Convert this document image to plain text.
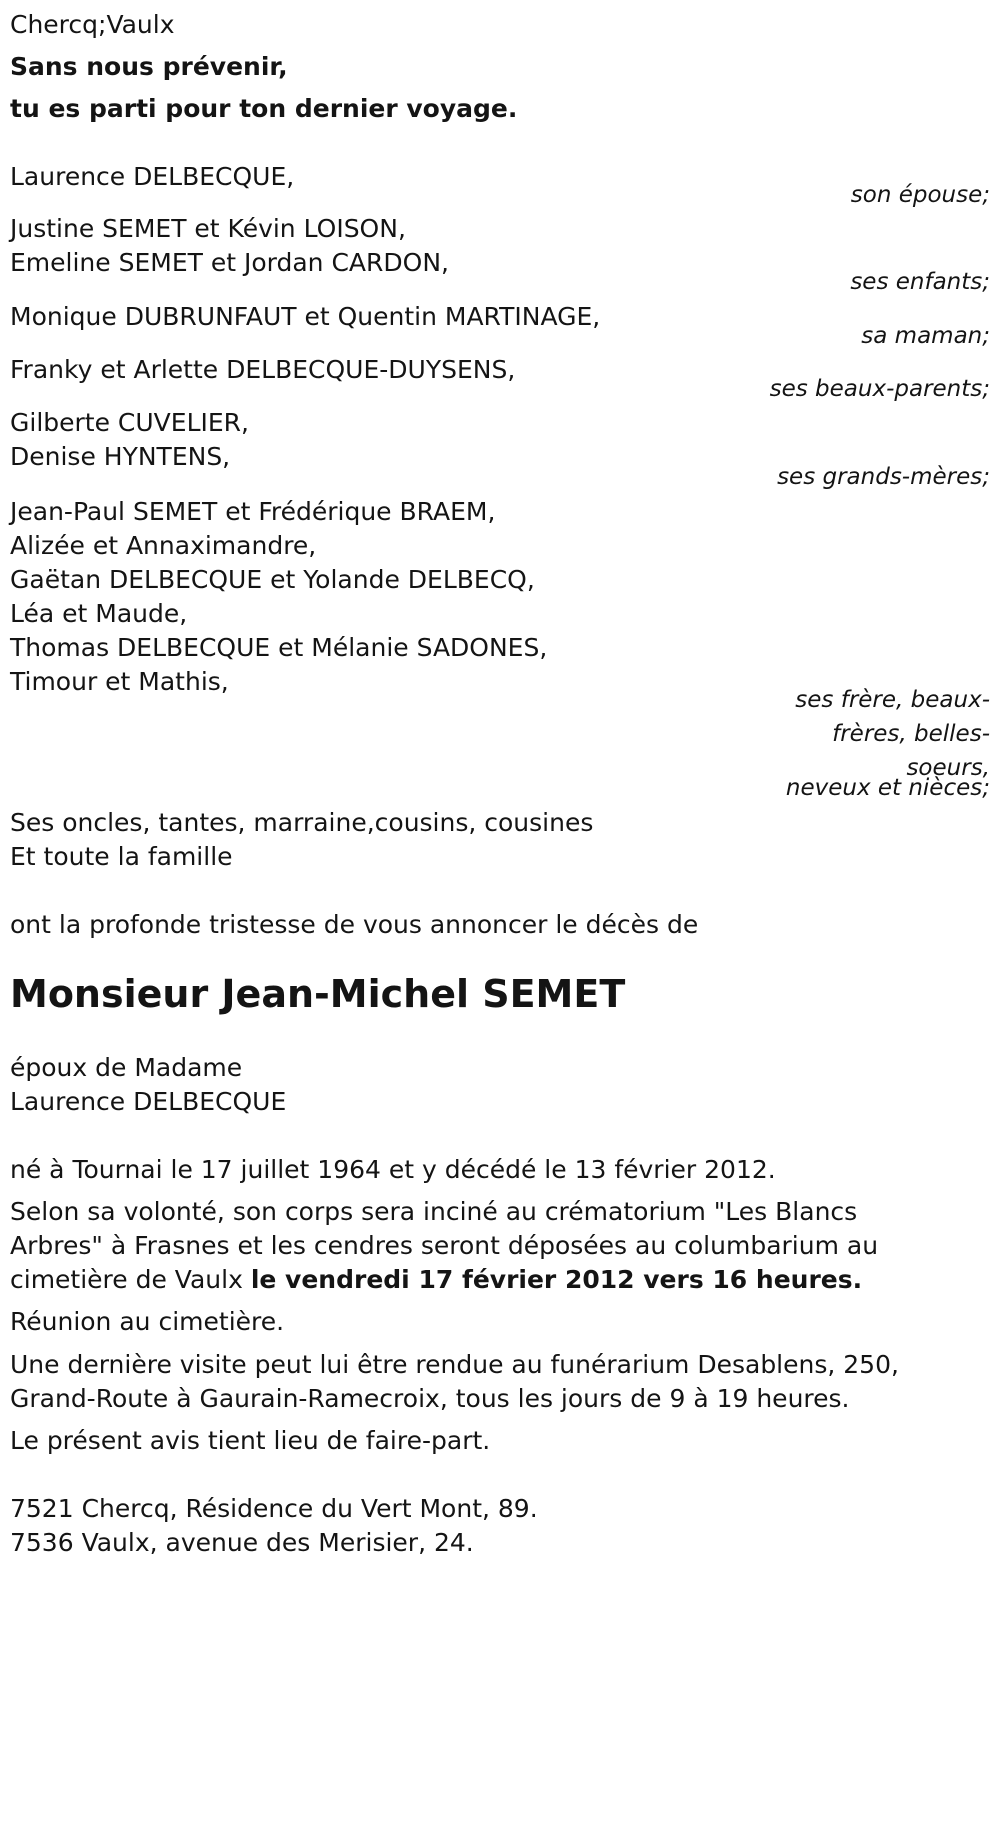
Chercq;Vaulx
Sans nous prévenir,
tu es parti pour ton dernier voyage.
Laurence DELBECQUE,
son épouse;
Justine SEMET et Kévin LOISON,
Emeline SEMET et Jordan CARDON,
ses enfants;
Monique DUBRUNFAUT et Quentin MARTINAGE,
sa maman;
Franky et Arlette DELBECQUE-DUYSENS,
ses beaux-parents;
Gilberte CUVELIER,
Denise HYNTENS,
ses grands-mères;
Jean-Paul SEMET et Frédérique BRAEM,
Alizée et Annaximandre,
Gaëtan DELBECQUE et Yolande DELBECQ,
Léa et Maude,
Thomas DELBECQUE et Mélanie SADONES,
Timour et Mathis,
ses frère, beaux-
frères, belles-
soeurs,
neveux et nièces;
Ses oncles, tantes, marraine,cousins, cousines
Et toute la famille
ont la profonde tristesse de vous annoncer le décès de
Monsieur Jean-Michel SEMET
époux de Madame
Laurence DELBECQUE
né à Tournai le 17 juillet 1964 et y décédé le 13 février 2012.
Selon sa volonté, son corps sera inciné au crématorium "Les Blancs
Arbres" à Frasnes et les cendres seront déposées au columbarium au
cimetière de Vaulx le vendredi 17 février 2012 vers 16 heures.
Réunion au cimetière.
Une dernière visite peut lui être rendue au funérarium Desablens, 250,
Grand-Route à Gaurain-Ramecroix, tous les jours de 9 à 19 heures.
Le présent avis tient lieu de faire-part.
7521 Chercq, Résidence du Vert Mont, 89.
7536 Vaulx, avenue des Merisier, 24.
